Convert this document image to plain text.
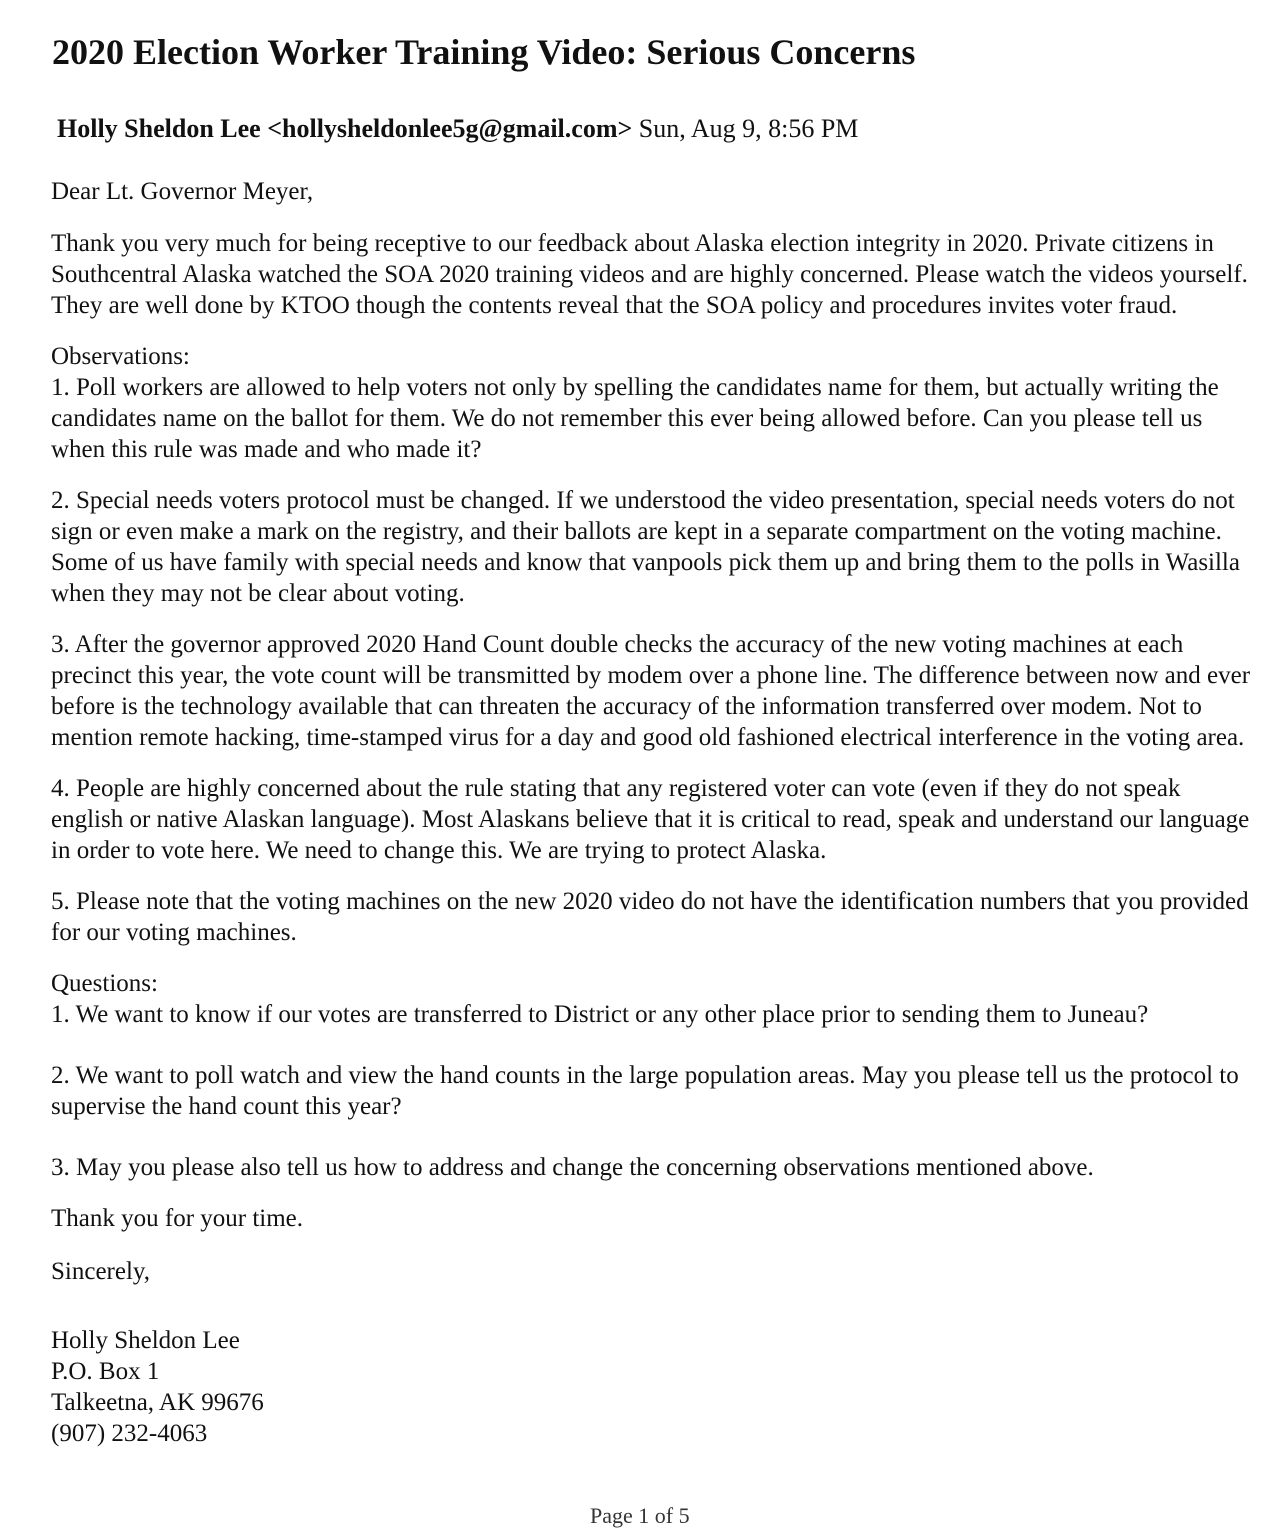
2020 Election Worker Training Video: Serious Concerns
Holly Sheldon Lee <hollysheldonlee5g@gmail.com> Sun, Aug 9, 8:56 PM

Dear Lt. Governor Meyer,

Thank you very much for being receptive to our feedback about Alaska election integrity in 2020. Private citizens in Southcentral Alaska watched the SOA 2020 training videos and are highly concerned. Please watch the videos yourself. They are well done by KTOO though the contents reveal that the SOA policy and procedures invites voter fraud.

Observations:

1. Poll workers are allowed to help voters not only by spelling the candidates name for them, but actually writing the candidates name on the ballot for them. We do not remember this ever being allowed before. Can you please tell us when this rule was made and who made it?

2. Special needs voters protocol must be changed. If we understood the video presentation, special needs voters do not sign or even make a mark on the registry, and their ballots are kept in a separate compartment on the voting machine. Some of us have family with special needs and know that vanpools pick them up and bring them to the polls in Wasilla when they may not be clear about voting.

3. After the governor approved 2020 Hand Count double checks the accuracy of the new voting machines at each precinct this year, the vote count will be transmitted by modem over a phone line. The difference between now and ever before is the technology available that can threaten the accuracy of the information transferred over modem. Not to mention remote hacking, time-stamped virus for a day and good old fashioned electrical interference in the voting area.

4. People are highly concerned about the rule stating that any registered voter can vote (even if they do not speak english or native Alaskan language). Most Alaskans believe that it is critical to read, speak and understand our language in order to vote here. We need to change this. We are trying to protect Alaska.

5. Please note that the voting machines on the new 2020 video do not have the identification numbers that you provided for our voting machines.

Questions:

1. We want to know if our votes are transferred to District or any other place prior to sending them to Juneau?

2. We want to poll watch and view the hand counts in the large population areas. May you please tell us the protocol to supervise the hand count this year?

3. May you please also tell us how to address and change the concerning observations mentioned above.

Thank you for your time.

Sincerely,

Holly Sheldon Lee

P.O. Box 1

Talkeetna, AK 99676

(907) 232-4063

Page 1 of 5
